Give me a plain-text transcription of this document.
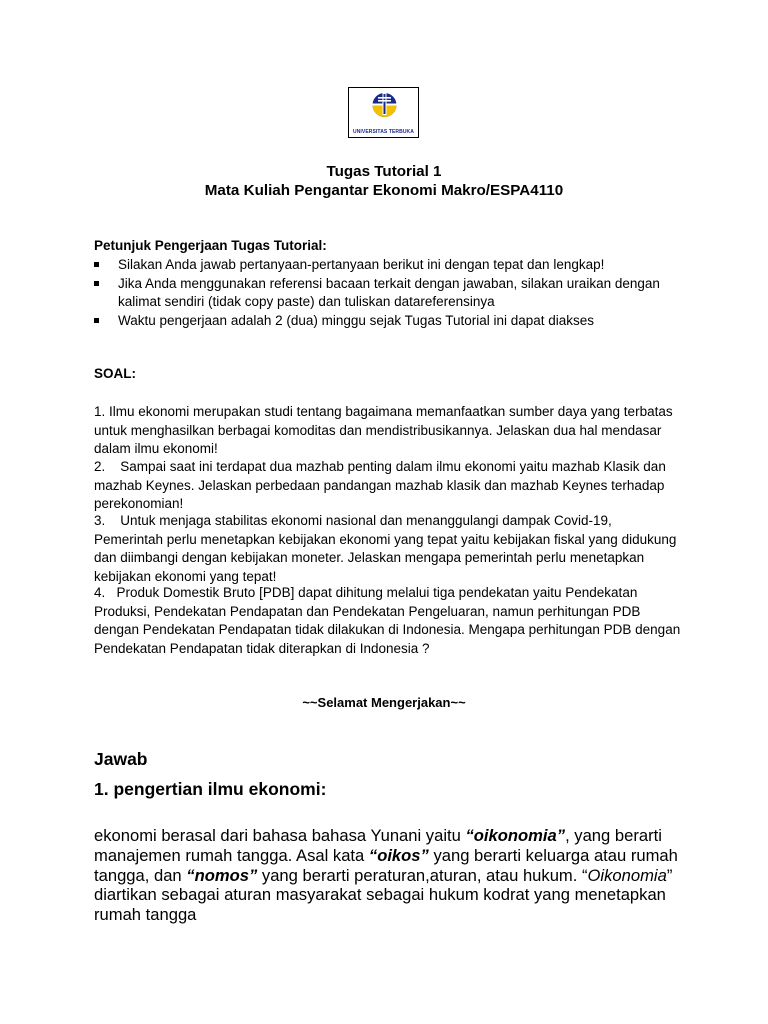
UNIVERSITAS TERBUKA
Tugas Tutorial 1
Mata Kuliah Pengantar Ekonomi Makro/ESPA4110
Petunjuk Pengerjaan Tugas Tutorial:
Silakan Anda jawab pertanyaan-pertanyaan berikut ini dengan tepat dan lengkap!
Jika Anda menggunakan referensi bacaan terkait dengan jawaban, silakan uraikan dengan kalimat sendiri (tidak copy paste) dan tuliskan datareferensinya
Waktu pengerjaan adalah 2 (dua) minggu sejak Tugas Tutorial ini dapat diakses
SOAL:
1. Ilmu ekonomi merupakan studi tentang bagaimana memanfaatkan sumber daya yang terbatas untuk menghasilkan berbagai komoditas dan mendistribusikannya. Jelaskan dua hal mendasar dalam ilmu ekonomi!
2.    Sampai saat ini terdapat dua mazhab penting dalam ilmu ekonomi yaitu mazhab Klasik dan mazhab Keynes. Jelaskan perbedaan pandangan mazhab klasik dan mazhab Keynes terhadap perekonomian!
3.    Untuk menjaga stabilitas ekonomi nasional dan menanggulangi dampak Covid-19, Pemerintah perlu menetapkan kebijakan ekonomi yang tepat yaitu kebijakan fiskal yang didukung dan diimbangi dengan kebijakan moneter. Jelaskan mengapa pemerintah perlu menetapkan kebijakan ekonomi yang tepat!
4.   Produk Domestik Bruto [PDB] dapat dihitung melalui tiga pendekatan yaitu Pendekatan Produksi, Pendekatan Pendapatan dan Pendekatan Pengeluaran, namun perhitungan PDB dengan Pendekatan Pendapatan tidak dilakukan di Indonesia. Mengapa perhitungan PDB dengan Pendekatan Pendapatan tidak diterapkan di Indonesia ?
~~Selamat Mengerjakan~~
Jawab
1. pengertian ilmu ekonomi:
ekonomi berasal dari bahasa bahasa Yunani yaitu “oikonomia”, yang berarti manajemen rumah tangga. Asal kata “oikos” yang berarti keluarga atau rumah tangga, dan “nomos” yang berarti peraturan,aturan, atau hukum. “Oikonomia” diartikan sebagai aturan masyarakat sebagai hukum kodrat yang menetapkan rumah tangga
